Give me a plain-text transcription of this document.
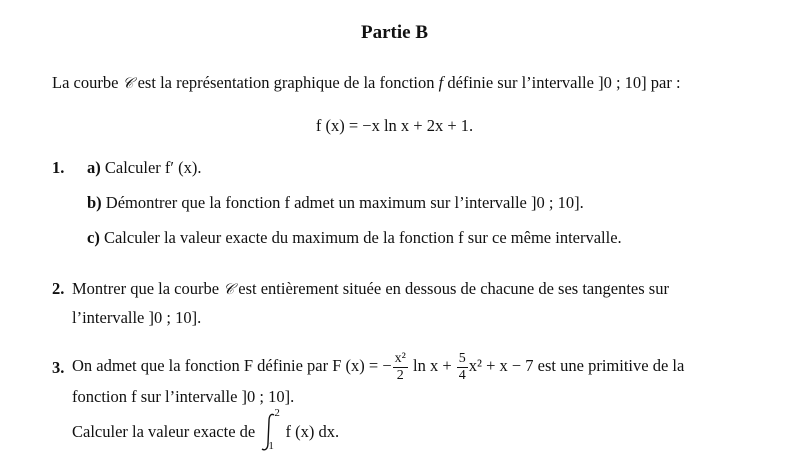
Partie B
La courbe 𝒞 est la représentation graphique de la fonction f définie sur l’intervalle ]0 ; 10] par :
f (x) = −x ln x + 2x + 1.
1. a) Calculer f′ (x).
b) Démontrer que la fonction f admet un maximum sur l’intervalle ]0 ; 10].
c) Calculer la valeur exacte du maximum de la fonction f sur ce même intervalle.
2. Montrer que la courbe 𝒞 est entièrement située en dessous de chacune de ses tangentes sur
l’intervalle ]0 ; 10].
3. On admet que la fonction F définie par F (x) = − $\frac{\text{x²}}{2}$ $\ln x + \frac{5}{4} x^2 + x - 7$ est une primitive de la
fonction f sur l’intervalle ]0 ; 10].
Calculer la valeur exacte de
2
1
f (x) dx.
